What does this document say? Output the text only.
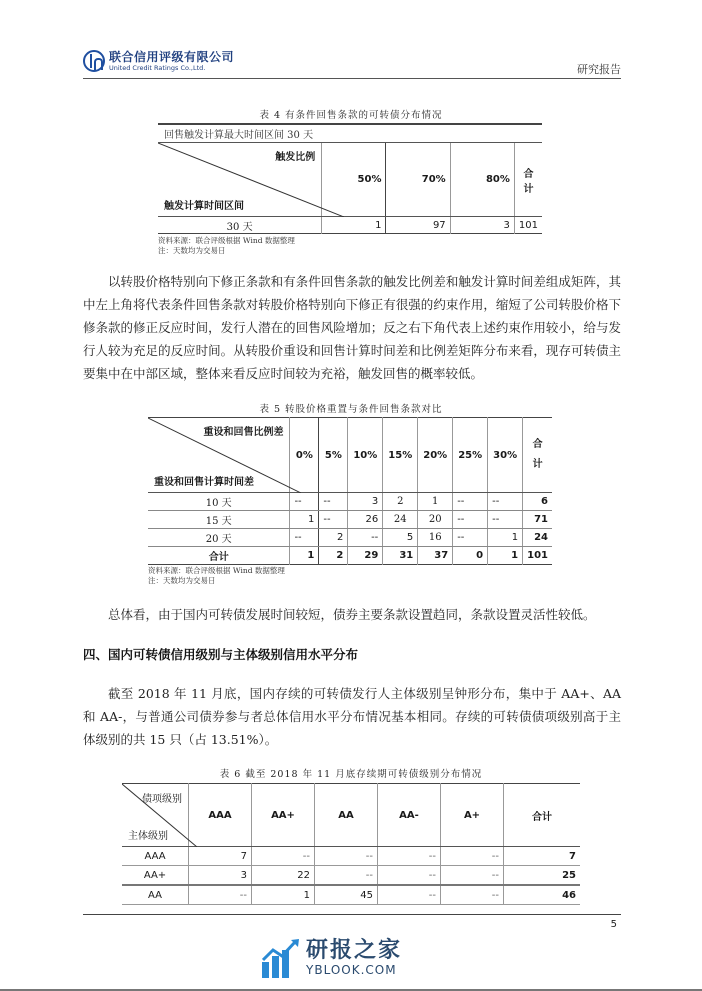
联合信用评级有限公司
United Credit Ratings Co.,Ltd.	研究报告
表 4 有条件回售条款的可转债分布情况
回售触发计算最大时间区间 30 天				

触发比例
触发计算时间区间	50%	70%	80%	合计
30 天	1	97	3	101
资料来源：联合评级根据 Wind 数据整理
注：天数均为交易日
以转股价格特别向下修正条款和有条件回售条款的触发比例差和触发计算时间差组成矩阵，其中左上角将代表条件回售条款对转股价格特别向下修正有很强的约束作用，缩短了公司转股价格下修条款的修正反应时间，发行人潜在的回售风险增加；反之右下角代表上述约束作用较小，给与发行人较为充足的反应时间。从转股价重设和回售计算时间差和比例差矩阵分布来看，现存可转债主要集中在中部区域，整体来看反应时间较为充裕，触发回售的概率较低。
表 5 转股价格重置与条件回售条款对比
重设和回售比例差
重设和回售计算时间差
	0%	5%	10%	15%	20%	25%	30%	
合
计

10 天	--	--	3	2	1	--	--	6
15 天	1	--	26	24	20	--	--	71
20 天	--	2	--	5	16	--	1	24
合计	1	2	29	31	37	0	1	101
资料来源：联合评级根据 Wind 数据整理
注：天数均为交易日
总体看，由于国内可转债发展时间较短，债券主要条款设置趋同，条款设置灵活性较低。
四、国内可转债信用级别与主体级别信用水平分布
截至 2018 年 11 月底，国内存续的可转债发行人主体级别呈钟形分布，集中于 AA+、AA 和 AA-，与普通公司债券参与者总体信用水平分布情况基本相同。存续的可转债债项级别高于主体级别的共 15 只（占 13.51%）。
表 6 截至 2018 年 11 月底存续期可转债级别分布情况
债项级别
主体级别	AAA	AA+	AA	AA-	A+	合计
AAA	7	--	--	--	--	7
AA+	3	22	--	--	--	25
AA	--	1	45	--	--	46
5
研报之家
YBLOOK.COM
